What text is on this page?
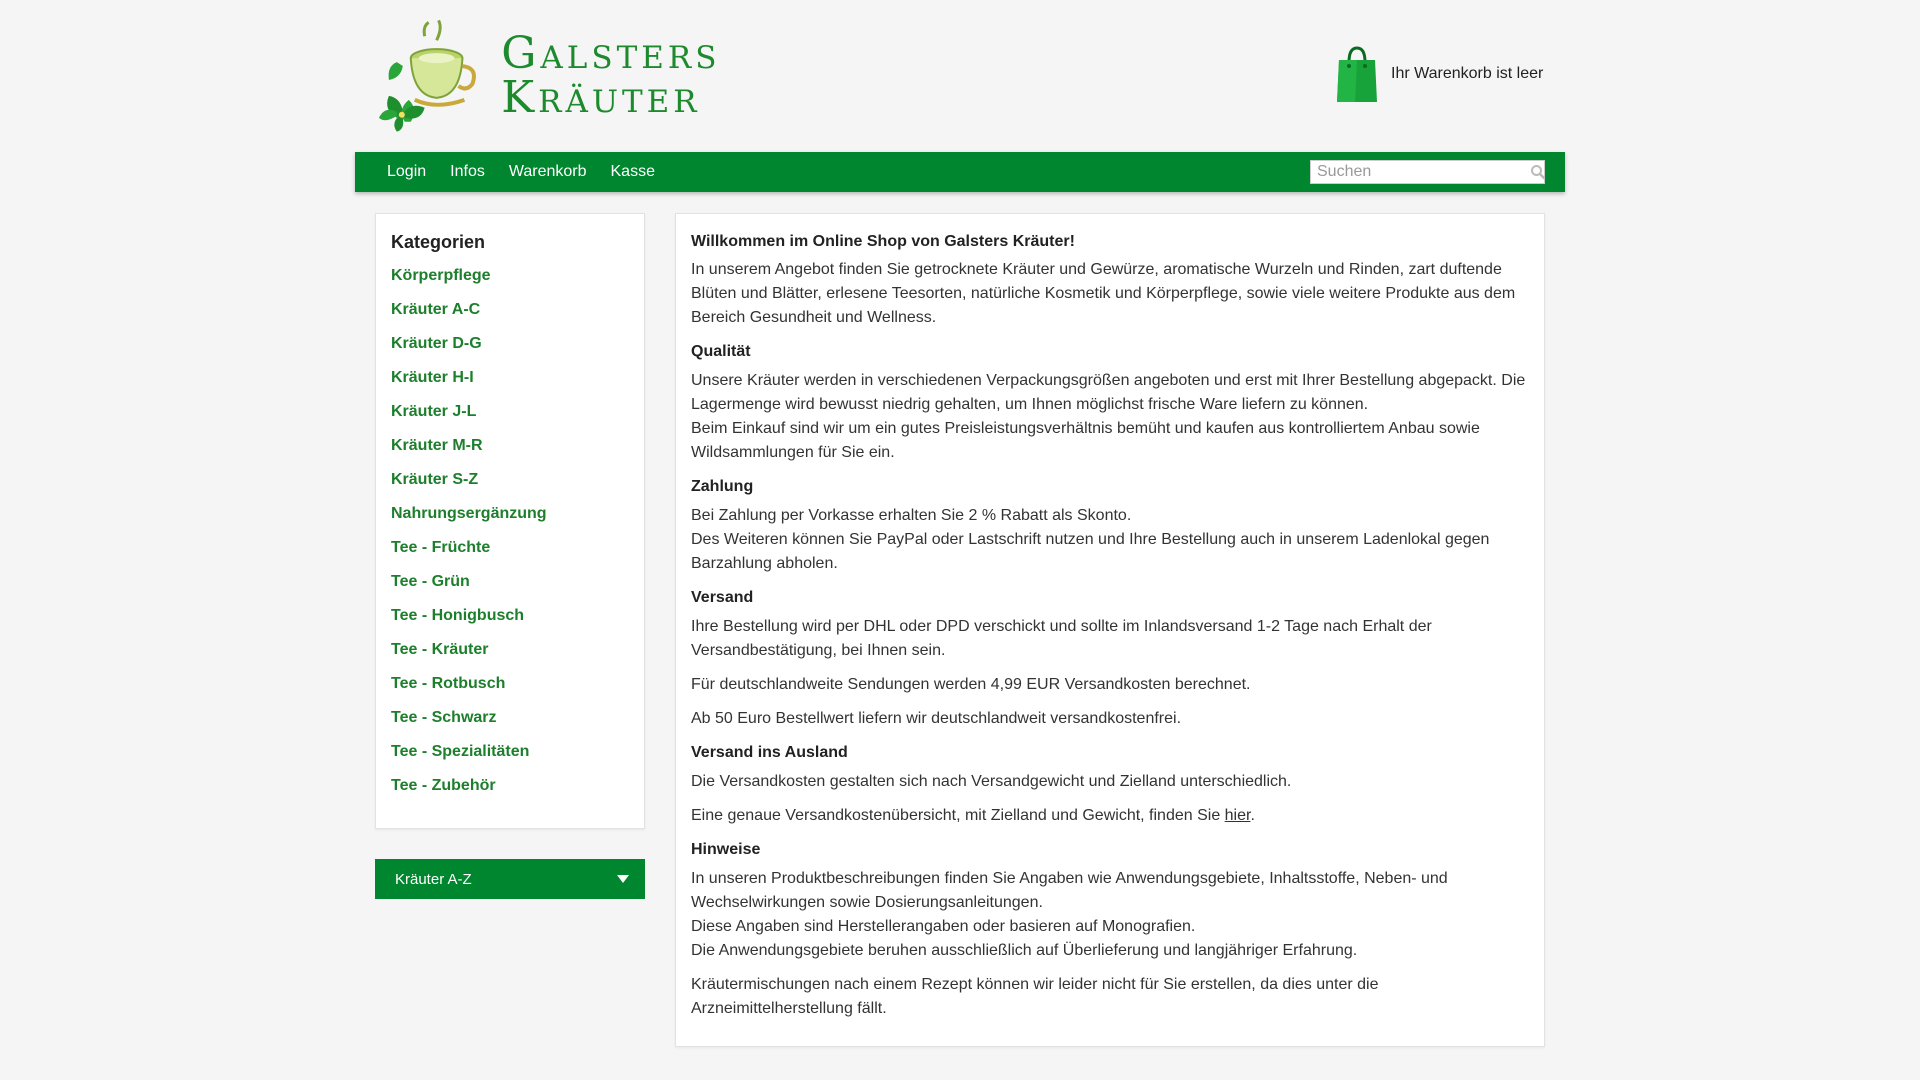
Galsters Kräuter	Ihr Warenkorb ist leer
Login	Infos	Warenkorb	Kasse
Suchen
Kategorien
Körperpflege
Kräuter A-C
Kräuter D-G
Kräuter H-I
Kräuter J-L
Kräuter M-R
Kräuter S-Z
Nahrungsergänzung
Tee - Früchte
Tee - Grün
Tee - Honigbusch
Tee - Kräuter
Tee - Rotbusch
Tee - Schwarz
Tee - Spezialitäten
Tee - Zubehör
Kräuter A-Z
Willkommen im Online Shop von Galsters Kräuter!

In unserem Angebot finden Sie getrocknete Kräuter und Gewürze, aromatische Wurzeln und Rinden, zart duftende Blüten und Blätter, erlesene Teesorten, natürliche Kosmetik und Körperpflege, sowie viele weitere Produkte aus dem Bereich Gesundheit und Wellness.

Qualität

Unsere Kräuter werden in verschiedenen Verpackungsgrößen angeboten und erst mit Ihrer Bestellung abgepackt. Die Lagermenge wird bewusst niedrig gehalten, um Ihnen möglichst frische Ware liefern zu können.

Beim Einkauf sind wir um ein gutes Preisleistungsverhältnis bemüht und kaufen aus kontrolliertem Anbau sowie Wildsammlungen für Sie ein.

Zahlung

Bei Zahlung per Vorkasse erhalten Sie 2 % Rabatt als Skonto.

Des Weiteren können Sie PayPal oder Lastschrift nutzen und Ihre Bestellung auch in unserem Ladenlokal gegen Barzahlung abholen.

Versand

Ihre Bestellung wird per DHL oder DPD verschickt und sollte im Inlandsversand 1-2 Tage nach Erhalt der Versandbestätigung, bei Ihnen sein.

Für deutschlandweite Sendungen werden 4,99 EUR Versandkosten berechnet.

Ab 50 Euro Bestellwert liefern wir deutschlandweit versandkostenfrei.

Versand ins Ausland

Die Versandkosten gestalten sich nach Versandgewicht und Zielland unterschiedlich.

Eine genaue Versandkostenübersicht, mit Zielland und Gewicht, finden Sie hier.

Hinweise

In unseren Produktbeschreibungen finden Sie Angaben wie Anwendungsgebiete, Inhaltsstoffe, Neben- und Wechselwirkungen sowie Dosierungsanleitungen.

Diese Angaben sind Herstellerangaben oder basieren auf Monografien.

Die Anwendungsgebiete beruhen ausschließlich auf Überlieferung und langjähriger Erfahrung.

Kräutermischungen nach einem Rezept können wir leider nicht für Sie erstellen, da dies unter die Arzneimittelherstellung fällt.
